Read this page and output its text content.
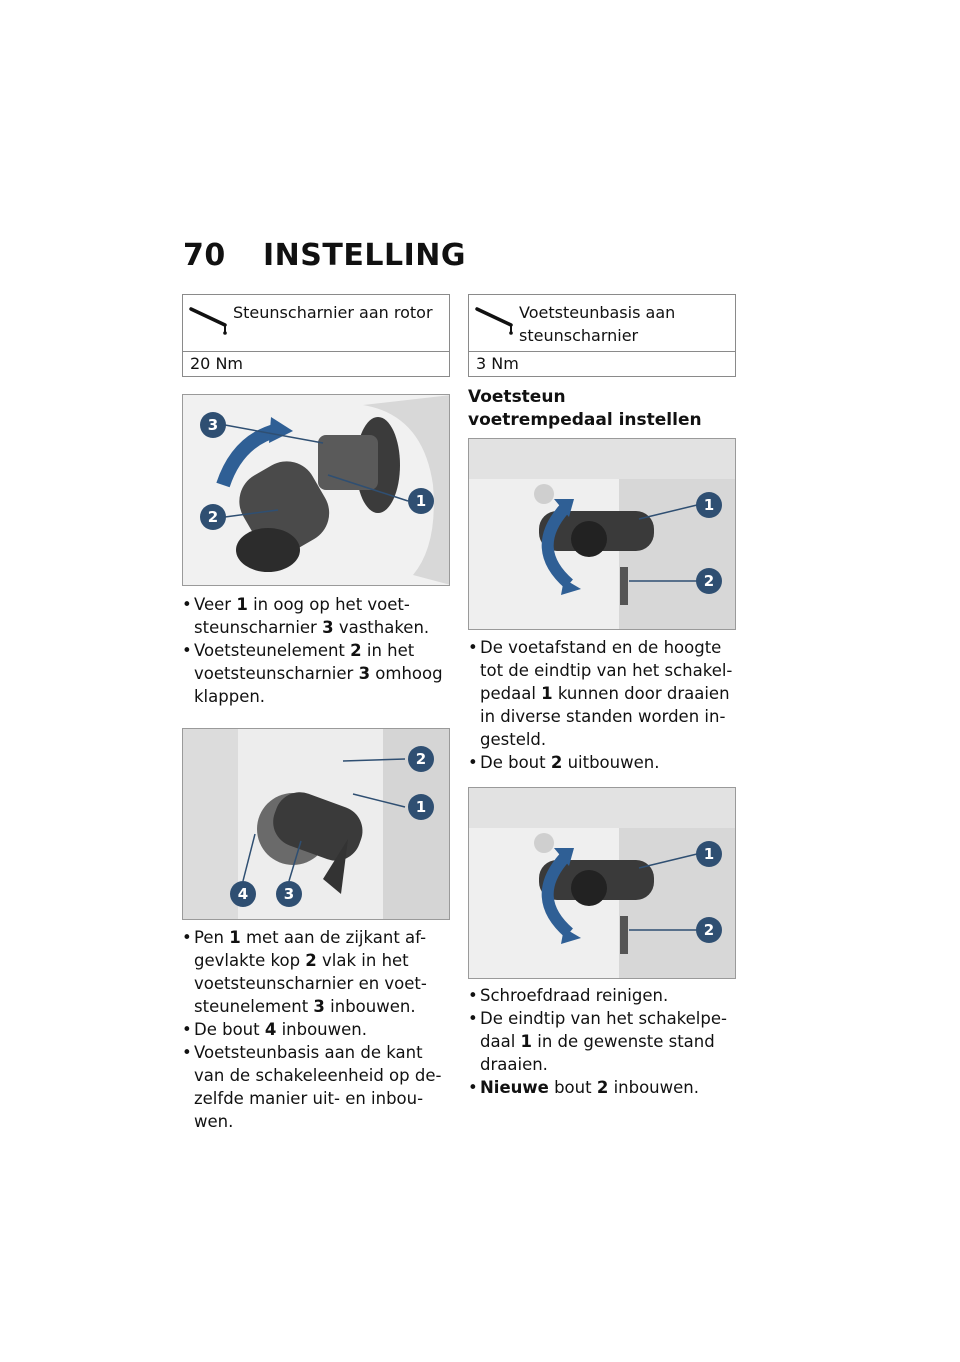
70 INSTELLING
Steunscharnier aan rotor
20 Nm
3
2
1
• Veer 1 in oog op het voet-steunscharnier 3 vasthaken.
• Voetsteunelement 2 in het voetsteunscharnier 3 omhoog klappen.
2
1
4 3
• Pen 1 met aan de zijkant af-gevlakte kop 2 vlak in het voetsteunscharnier en voet-steunelement 3 inbouwen.
• De bout 4 inbouwen.
• Voetsteunbasis aan de kant van de schakeleenheid op de-zelfde manier uit- en inbou-wen.
Voetsteunbasis aan steunscharnier
3 Nm
Voetsteun voetrempedaal instellen
1
2
• De voetafstand en de hoogte tot de eindtip van het schakel-pedaal 1 kunnen door draaien in diverse standen worden in-gesteld.
• De bout 2 uitbouwen.
1
2
• Schroefdraad reinigen.
• De eindtip van het schakelpe-daal 1 in de gewenste stand draaien.
• Nieuwe bout 2 inbouwen.
